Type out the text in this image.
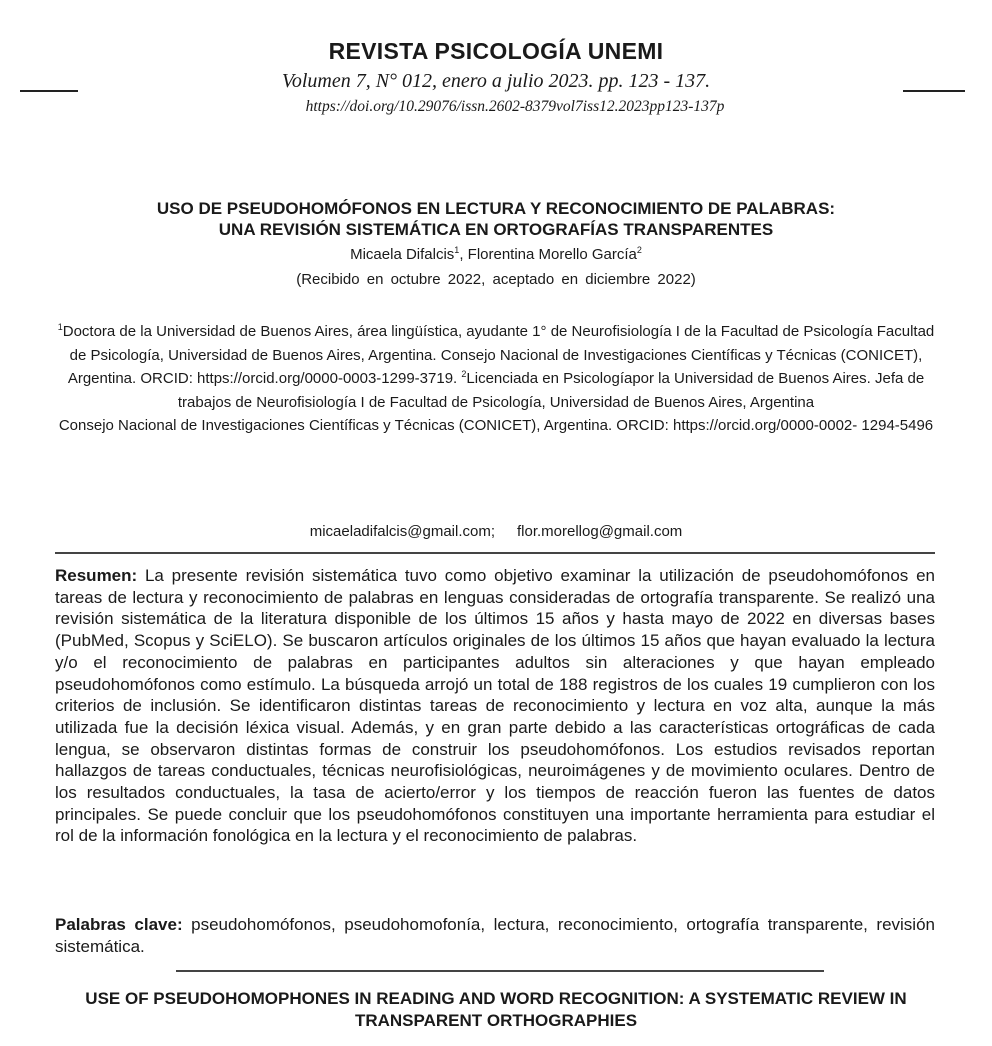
REVISTA PSICOLOGÍA UNEMI
Volumen 7, N° 012, enero a julio 2023. pp. 123 - 137.
https://doi.org/10.29076/issn.2602-8379vol7iss12.2023pp123-137p
USO DE PSEUDOHOMÓFONOS EN LECTURA Y RECONOCIMIENTO DE PALABRAS:
UNA REVISIÓN SISTEMÁTICA EN ORTOGRAFÍAS TRANSPARENTES
Micaela Difalcis$^1$, Florentina Morello García$^2$
(Recibido en octubre 2022, aceptado en diciembre 2022)
$^1$Doctora de la Universidad de Buenos Aires, área lingüística, ayudante 1° de Neurofisiología I de la Facultad de Psicología Facultad de Psicología, Universidad de Buenos Aires, Argentina. Consejo Nacional de Investigaciones Científicas y Técnicas (CONICET), Argentina. ORCID: https://orcid.org/0000-0003-1299-3719. $^2$Licenciada en Psicologíapor la Universidad de Buenos Aires. Jefa de trabajos de Neurofisiología I de Facultad de Psicología, Universidad de Buenos Aires, Argentina
Consejo Nacional de Investigaciones Científicas y Técnicas (CONICET), Argentina. ORCID: https://orcid.org/0000-0002- 1294-5496
micaeladifalcis@gmail.com; flor.morellog@gmail.com
Resumen: La presente revisión sistemática tuvo como objetivo examinar la utilización de pseudohomófonos en tareas de lectura y reconocimiento de palabras en lenguas consideradas de ortografía transparente. Se realizó una revisión sistemática de la literatura disponible de los últimos 15 años y hasta mayo de 2022 en diversas bases (PubMed, Scopus y SciELO). Se buscaron artículos originales de los últimos 15 años que hayan evaluado la lectura y/o el reconocimiento de palabras en participantes adultos sin alteraciones y que hayan empleado pseudohomófonos como estímulo. La búsqueda arrojó un total de 188 registros de los cuales 19 cumplieron con los criterios de inclusión. Se identificaron distintas tareas de reconocimiento y lectura en voz alta, aunque la más utilizada fue la decisión léxica visual. Además, y en gran parte debido a las características ortográficas de cada lengua, se observaron distintas formas de construir los pseudohomófonos. Los estudios revisados reportan hallazgos de tareas conductuales, técnicas neurofisiológicas, neuroimágenes y de movimiento oculares. Dentro de los resultados conductuales, la tasa de acierto/error y los tiempos de reacción fueron las fuentes de datos principales. Se puede concluir que los pseudohomófonos constituyen una importante herramienta para estudiar el rol de la información fonológica en la lectura y el reconocimiento de palabras.
Palabras clave: pseudohomófonos, pseudohomofonía, lectura, reconocimiento, ortografía transparente, revisión sistemática.
USE OF PSEUDOHOMOPHONES IN READING AND WORD RECOGNITION: A SYSTEMATIC REVIEW IN
TRANSPARENT ORTHOGRAPHIES
